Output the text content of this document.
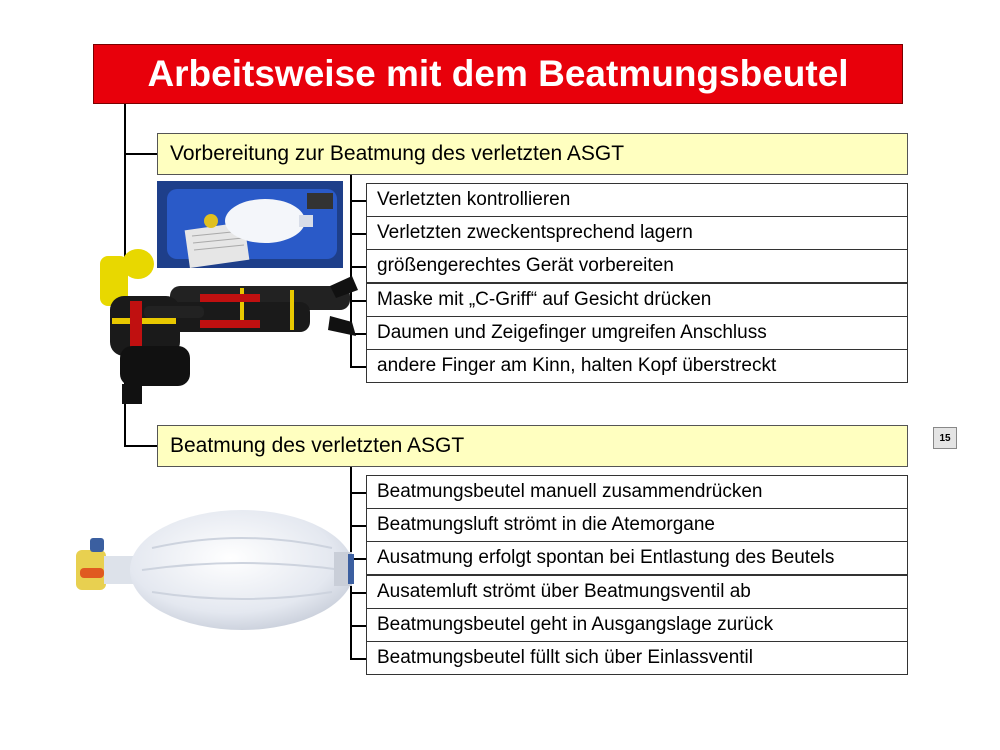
Arbeitsweise mit dem Beatmungsbeutel
Vorbereitung zur Beatmung des verletzten ASGT
Verletzten kontrollieren
Verletzten zweckentsprechend lagern
größengerechtes Gerät vorbereiten
Maske mit „C-Griff“ auf Gesicht drücken
Daumen und Zeigefinger umgreifen Anschluss
andere Finger am Kinn, halten Kopf überstreckt
Beatmung des verletzten ASGT	15
Beatmungsbeutel manuell zusammendrücken
Beatmungsluft strömt in die Atemorgane
Ausatmung erfolgt spontan bei Entlastung des Beutels
Ausatemluft strömt über Beatmungsventil ab
Beatmungsbeutel geht in Ausgangslage zurück
Beatmungsbeutel füllt sich über Einlassventil
